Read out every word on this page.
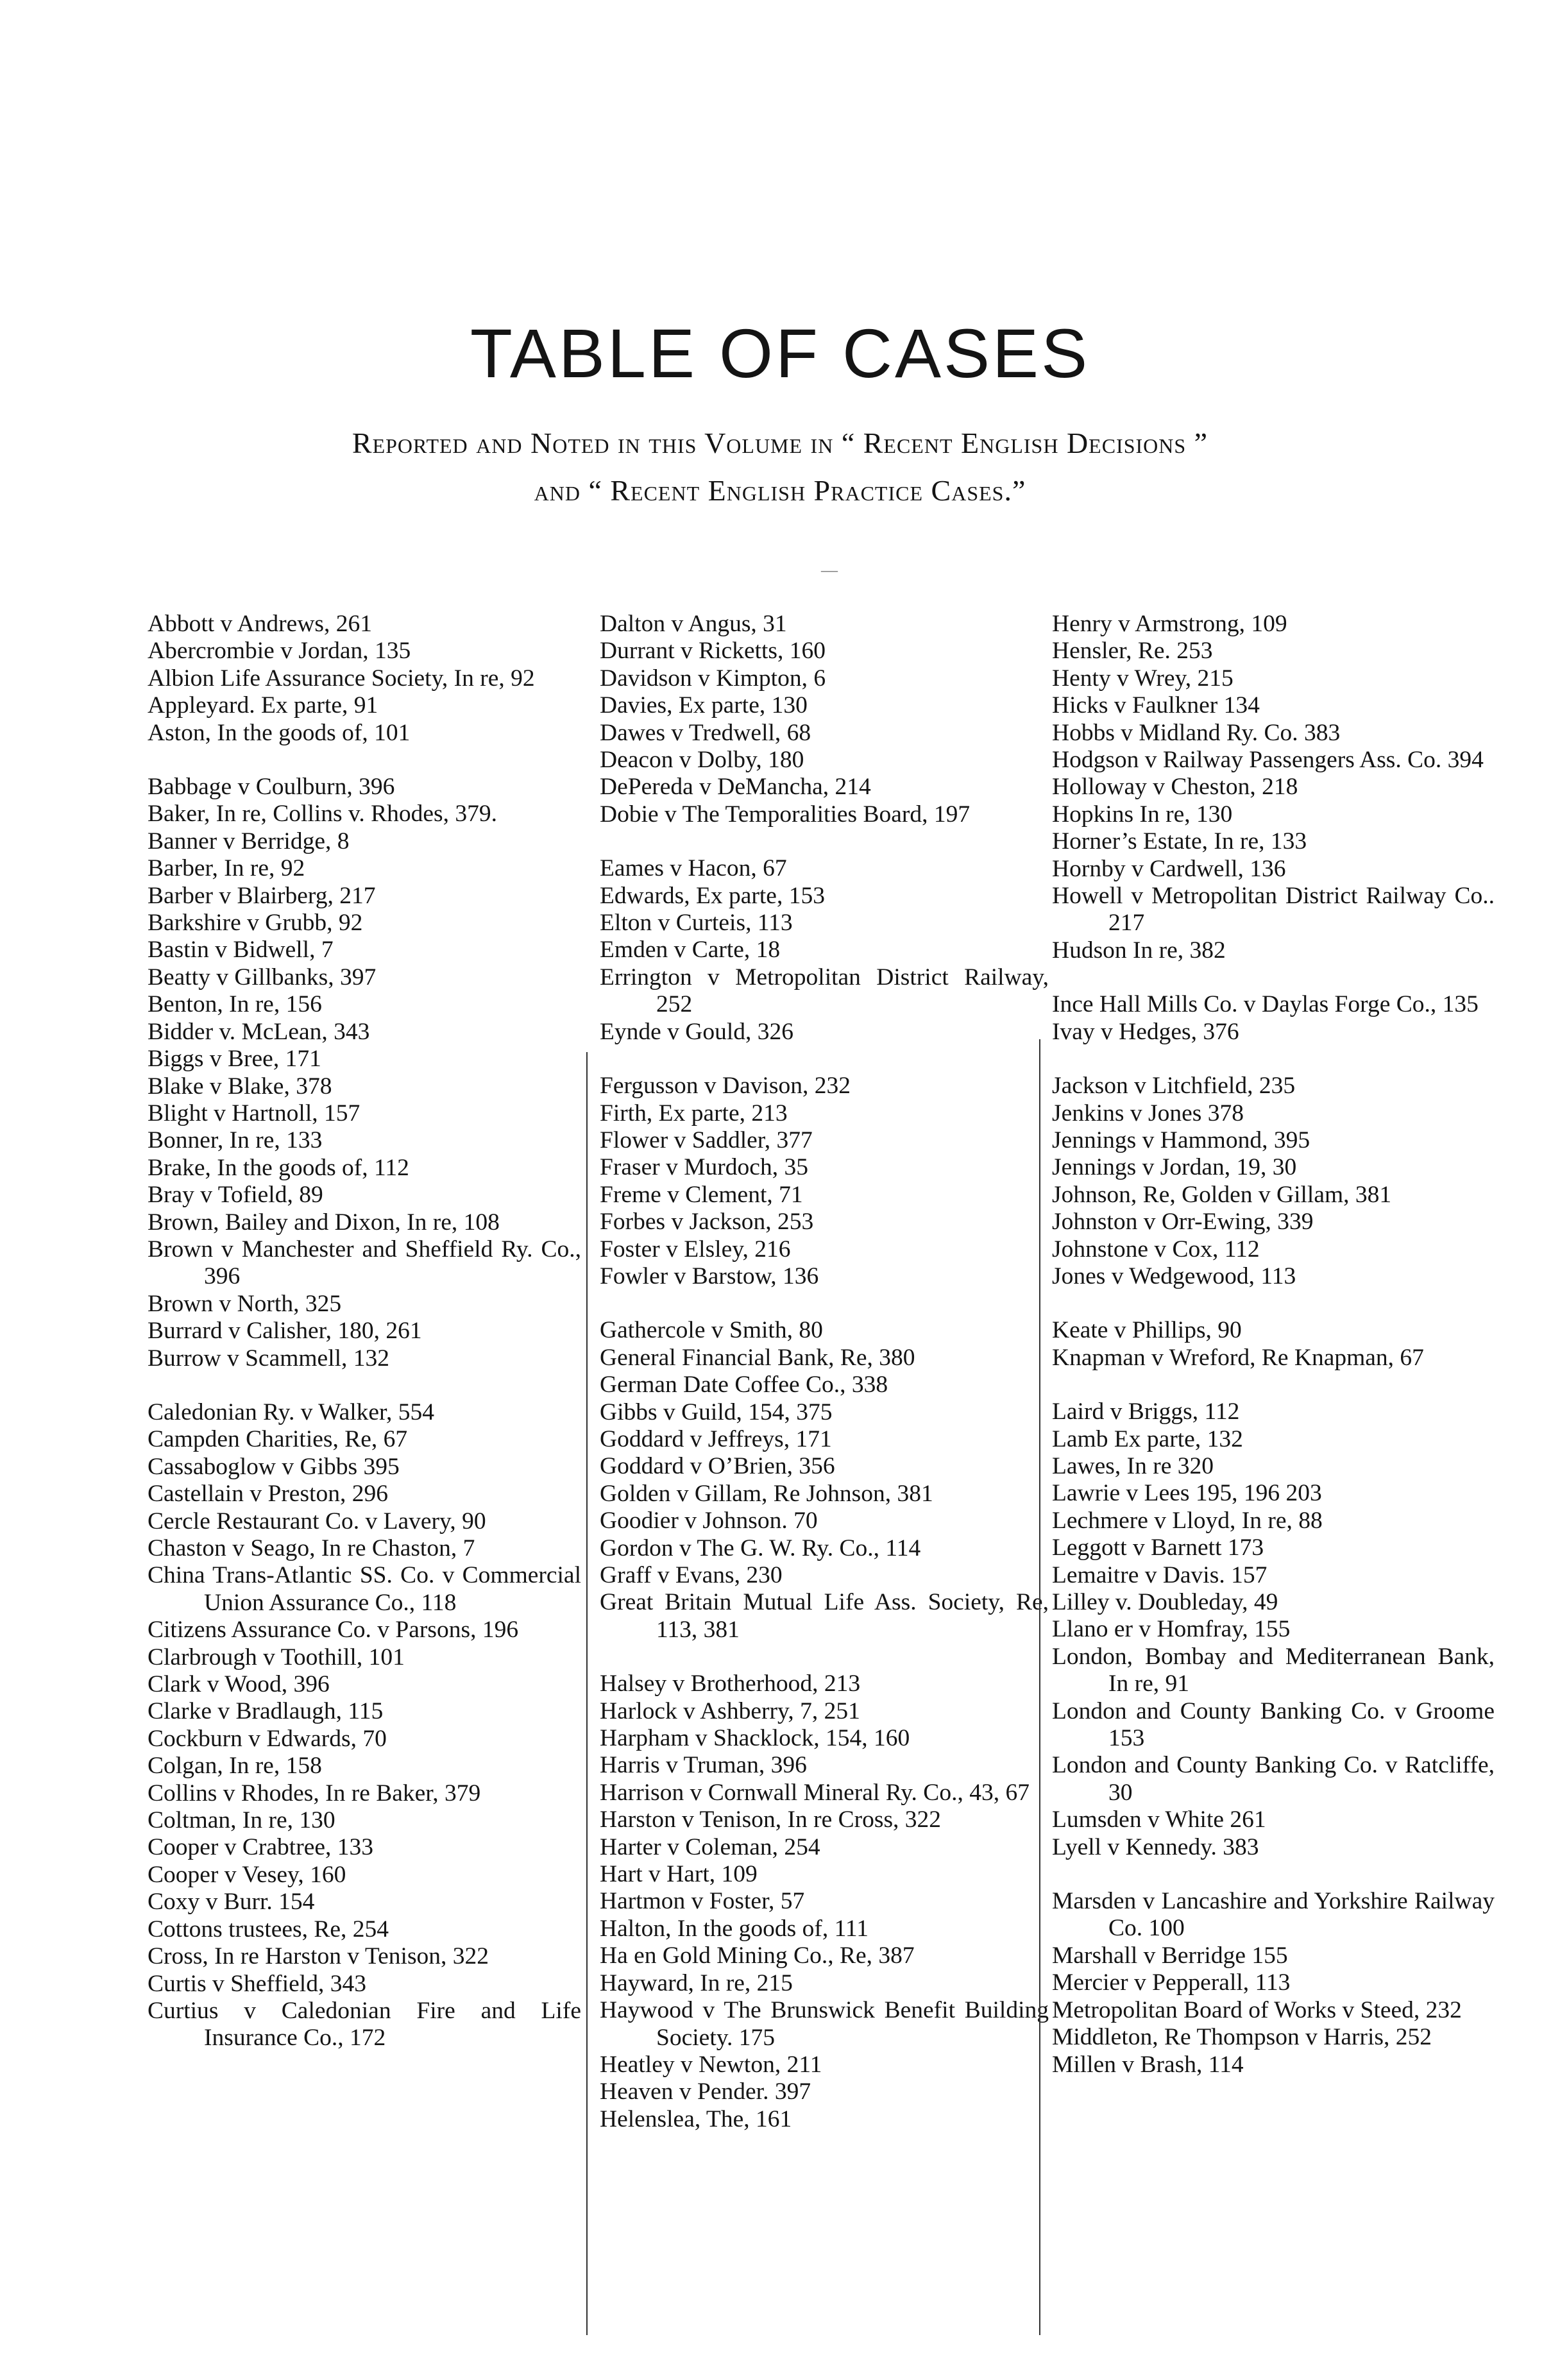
TABLE OF CASES

Reported and Noted in this Volume in “ Recent English Decisions ”

and “ Recent English Practice Cases.”

—
Abbott v Andrews, 261
Abercrombie v Jordan, 135
Albion Life Assurance Society, In re, 92
Appleyard. Ex parte, 91
Aston, In the goods of, 101
Babbage v Coulburn, 396
Baker, In re, Collins v. Rhodes, 379.
Banner v Berridge, 8
Barber, In re, 92
Barber v Blairberg, 217
Barkshire v Grubb, 92
Bastin v Bidwell, 7
Beatty v Gillbanks, 397
Benton, In re, 156
Bidder v. McLean, 343
Biggs v Bree, 171
Blake v Blake, 378
Blight v Hartnoll, 157
Bonner, In re, 133
Brake, In the goods of, 112
Bray v Tofield, 89
Brown, Bailey and Dixon, In re, 108
Brown v Manchester and Sheffield Ry. Co., 396
Brown v North, 325
Burrard v Calisher, 180, 261
Burrow v Scammell, 132
Caledonian Ry. v Walker, 554
Campden Charities, Re, 67
Cassaboglow v Gibbs 395
Castellain v Preston, 296
Cercle Restaurant Co. v Lavery, 90
Chaston v Seago, In re Chaston, 7
China Trans-Atlantic SS. Co. v Commercial Union Assurance Co., 118
Citizens Assurance Co. v Parsons, 196
Clarbrough v Toothill, 101
Clark v Wood, 396
Clarke v Bradlaugh, 115
Cockburn v Edwards, 70
Colgan, In re, 158
Collins v Rhodes, In re Baker, 379
Coltman, In re, 130
Cooper v Crabtree, 133
Cooper v Vesey, 160
Coxy v Burr. 154
Cottons trustees, Re, 254
Cross, In re Harston v Tenison, 322
Curtis v Sheffield, 343
Curtius v Caledonian Fire and Life Insurance Co., 172
Dalton v Angus, 31
Durrant v Ricketts, 160
Davidson v Kimpton, 6
Davies, Ex parte, 130
Dawes v Tredwell, 68
Deacon v Dolby, 180
DePereda v DeMancha, 214
Dobie v The Temporalities Board, 197
Eames v Hacon, 67
Edwards, Ex parte, 153
Elton v Curteis, 113
Emden v Carte, 18
Errington v Metropolitan District Railway, 252
Eynde v Gould, 326
Fergusson v Davison, 232
Firth, Ex parte, 213
Flower v Saddler, 377
Fraser v Murdoch, 35
Freme v Clement, 71
Forbes v Jackson, 253
Foster v Elsley, 216
Fowler v Barstow, 136
Gathercole v Smith, 80
General Financial Bank, Re, 380
German Date Coffee Co., 338
Gibbs v Guild, 154, 375
Goddard v Jeffreys, 171
Goddard v O’Brien, 356
Golden v Gillam, Re Johnson, 381
Goodier v Johnson. 70
Gordon v The G. W. Ry. Co., 114
Graff v Evans, 230
Great Britain Mutual Life Ass. Society, Re, 113, 381
Halsey v Brotherhood, 213
Harlock v Ashberry, 7, 251
Harpham v Shacklock, 154, 160
Harris v Truman, 396
Harrison v Cornwall Mineral Ry. Co., 43, 67
Harston v Tenison, In re Cross, 322
Harter v Coleman, 254
Hart v Hart, 109
Hartmon v Foster, 57
Halton, In the goods of, 111
Ha en Gold Mining Co., Re, 387
Hayward, In re, 215
Haywood v The Brunswick Benefit Building Society. 175
Heatley v Newton, 211
Heaven v Pender. 397
Helenslea, The, 161
Henry v Armstrong, 109
Hensler, Re. 253
Henty v Wrey, 215
Hicks v Faulkner 134
Hobbs v Midland Ry. Co. 383
Hodgson v Railway Passengers Ass. Co. 394
Holloway v Cheston, 218
Hopkins In re, 130
Horner’s Estate, In re, 133
Hornby v Cardwell, 136
Howell v Metropolitan District Railway Co.. 217
Hudson In re, 382
Ince Hall Mills Co. v Daylas Forge Co., 135
Ivay v Hedges, 376
Jackson v Litchfield, 235
Jenkins v Jones 378
Jennings v Hammond, 395
Jennings v Jordan, 19, 30
Johnson, Re, Golden v Gillam, 381
Johnston v Orr-Ewing, 339
Johnstone v Cox, 112
Jones v Wedgewood, 113
Keate v Phillips, 90
Knapman v Wreford, Re Knapman, 67
Laird v Briggs, 112
Lamb Ex parte, 132
Lawes, In re 320
Lawrie v Lees 195, 196 203
Lechmere v Lloyd, In re, 88
Leggott v Barnett 173
Lemaitre v Davis. 157
Lilley v. Doubleday, 49
Llano er v Homfray, 155
London, Bombay and Mediterranean Bank, In re, 91
London and County Banking Co. v Groome 153
London and County Banking Co. v Ratcliffe, 30
Lumsden v White 261
Lyell v Kennedy. 383
Marsden v Lancashire and Yorkshire Railway Co. 100
Marshall v Berridge 155
Mercier v Pepperall, 113
Metropolitan Board of Works v Steed, 232
Middleton, Re Thompson v Harris, 252
Millen v Brash, 114
